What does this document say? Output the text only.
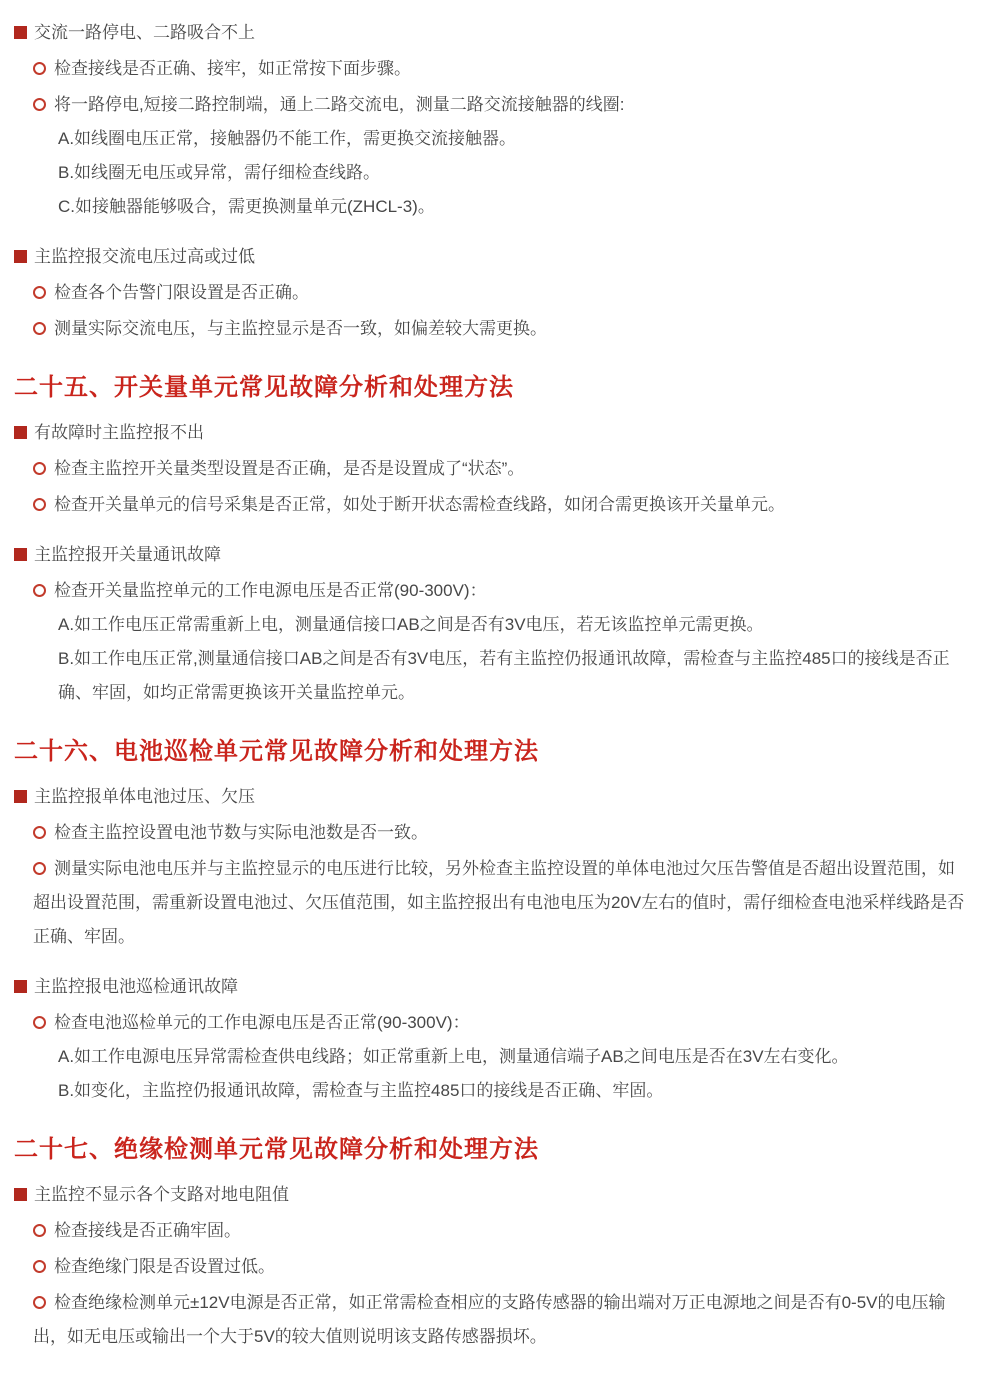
交流一路停电、二路吸合不上
检查接线是否正确、接牢，如正常按下面步骤。
将一路停电,短接二路控制端，通上二路交流电，测量二路交流接触器的线圈:
A.如线圈电压正常，接触器仍不能工作，需更换交流接触器。
B.如线圈无电压或异常，需仔细检查线路。
C.如接触器能够吸合，需更换测量单元(ZHCL-3)。
主监控报交流电压过高或过低
检查各个告警门限设置是否正确。
测量实际交流电压，与主监控显示是否一致，如偏差较大需更换。
二十五、开关量单元常见故障分析和处理方法
有故障时主监控报不出
检查主监控开关量类型设置是否正确，是否是设置成了“状态”。
检查开关量单元的信号采集是否正常，如处于断开状态需检查线路，如闭合需更换该开关量单元。
主监控报开关量通讯故障
检查开关量监控单元的工作电源电压是否正常(90-300V)：
A.如工作电压正常需重新上电，测量通信接口AB之间是否有3V电压，若无该监控单元需更换。
B.如工作电压正常,测量通信接口AB之间是否有3V电压，若有主监控仍报通讯故障，需检查与主监控485口的接线是否正确、牢固，如均正常需更换该开关量监控单元。
二十六、电池巡检单元常见故障分析和处理方法
主监控报单体电池过压、欠压
检查主监控设置电池节数与实际电池数是否一致。
测量实际电池电压并与主监控显示的电压进行比较，另外检查主监控设置的单体电池过欠压告警值是否超出设置范围，如超出设置范围，需重新设置电池过、欠压值范围，如主监控报出有电池电压为20V左右的值时，需仔细检查电池采样线路是否正确、牢固。
主监控报电池巡检通讯故障
检查电池巡检单元的工作电源电压是否正常(90-300V)：
A.如工作电源电压异常需检查供电线路；如正常重新上电，测量通信端子AB之间电压是否在3V左右变化。
B.如变化，主监控仍报通讯故障，需检查与主监控485口的接线是否正确、牢固。
二十七、绝缘检测单元常见故障分析和处理方法
主监控不显示各个支路对地电阻值
检查接线是否正确牢固。
检查绝缘门限是否设置过低。
检查绝缘检测单元±12V电源是否正常，如正常需检查相应的支路传感器的输出端对万正电源地之间是否有0-5V的电压输出，如无电压或输出一个大于5V的较大值则说明该支路传感器损坏。
